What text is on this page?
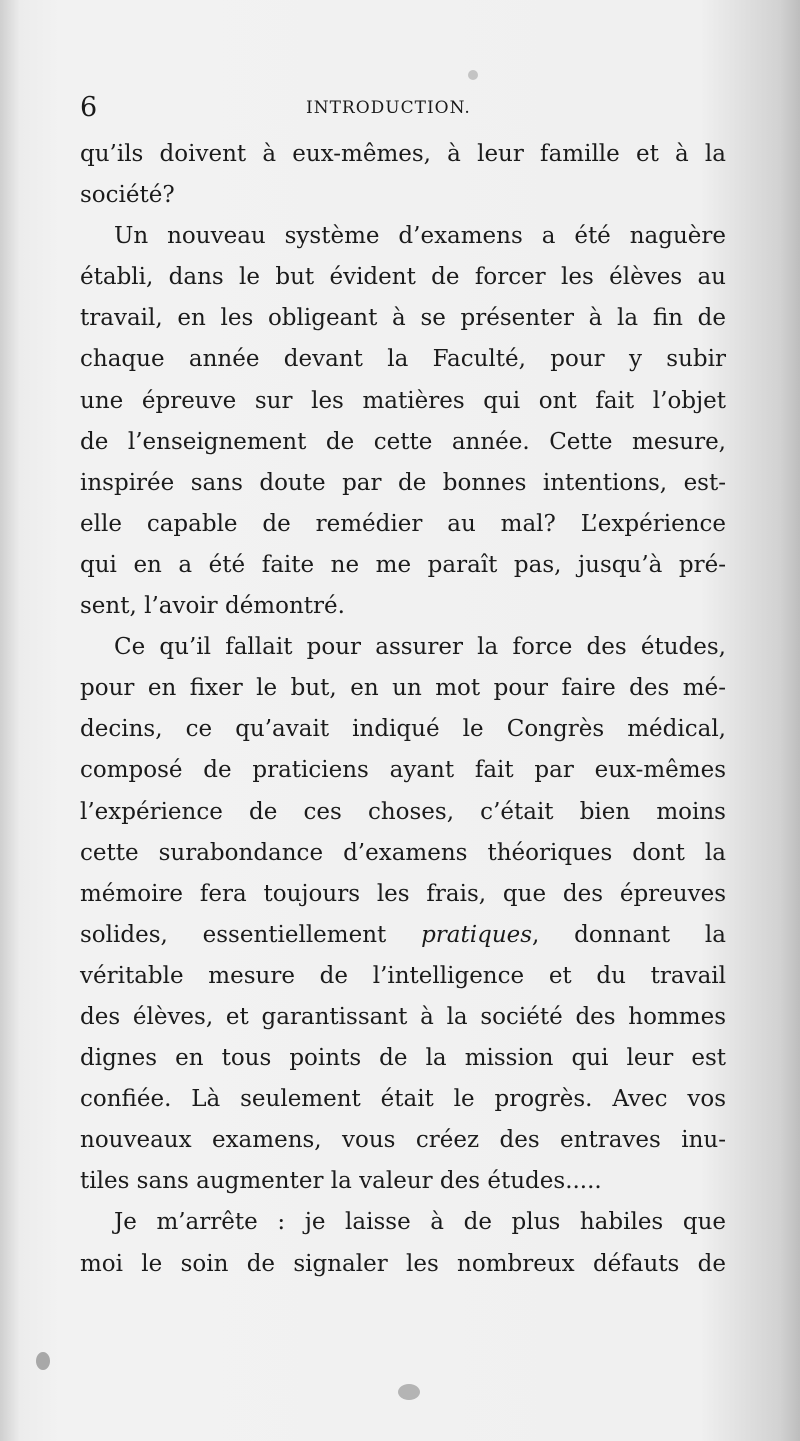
6	INTRODUCTION.
qu’ils doivent à eux-mêmes, à leur famille et à la
société?
Un nouveau système d’examens a été naguère
établi, dans le but évident de forcer les élèves au
travail, en les obligeant à se présenter à la fin de
chaque année devant la Faculté, pour y subir
une épreuve sur les matières qui ont fait l’objet
de l’enseignement de cette année. Cette mesure,
inspirée sans doute par de bonnes intentions, est-
elle capable de remédier au mal? L’expérience
qui en a été faite ne me paraît pas, jusqu’à pré-
sent, l’avoir démontré.
Ce qu’il fallait pour assurer la force des études,
pour en fixer le but, en un mot pour faire des mé-
decins, ce qu’avait indiqué le Congrès médical,
composé de praticiens ayant fait par eux-mêmes
l’expérience de ces choses, c’était bien moins
cette surabondance d’examens théoriques dont la
mémoire fera toujours les frais, que des épreuves
solides, essentiellement pratiques, donnant la
véritable mesure de l’intelligence et du travail
des élèves, et garantissant à la société des hommes
dignes en tous points de la mission qui leur est
confiée. Là seulement était le progrès. Avec vos
nouveaux examens, vous créez des entraves inu-
tiles sans augmenter la valeur des études.....
Je m’arrête : je laisse à de plus habiles que
moi le soin de signaler les nombreux défauts de
